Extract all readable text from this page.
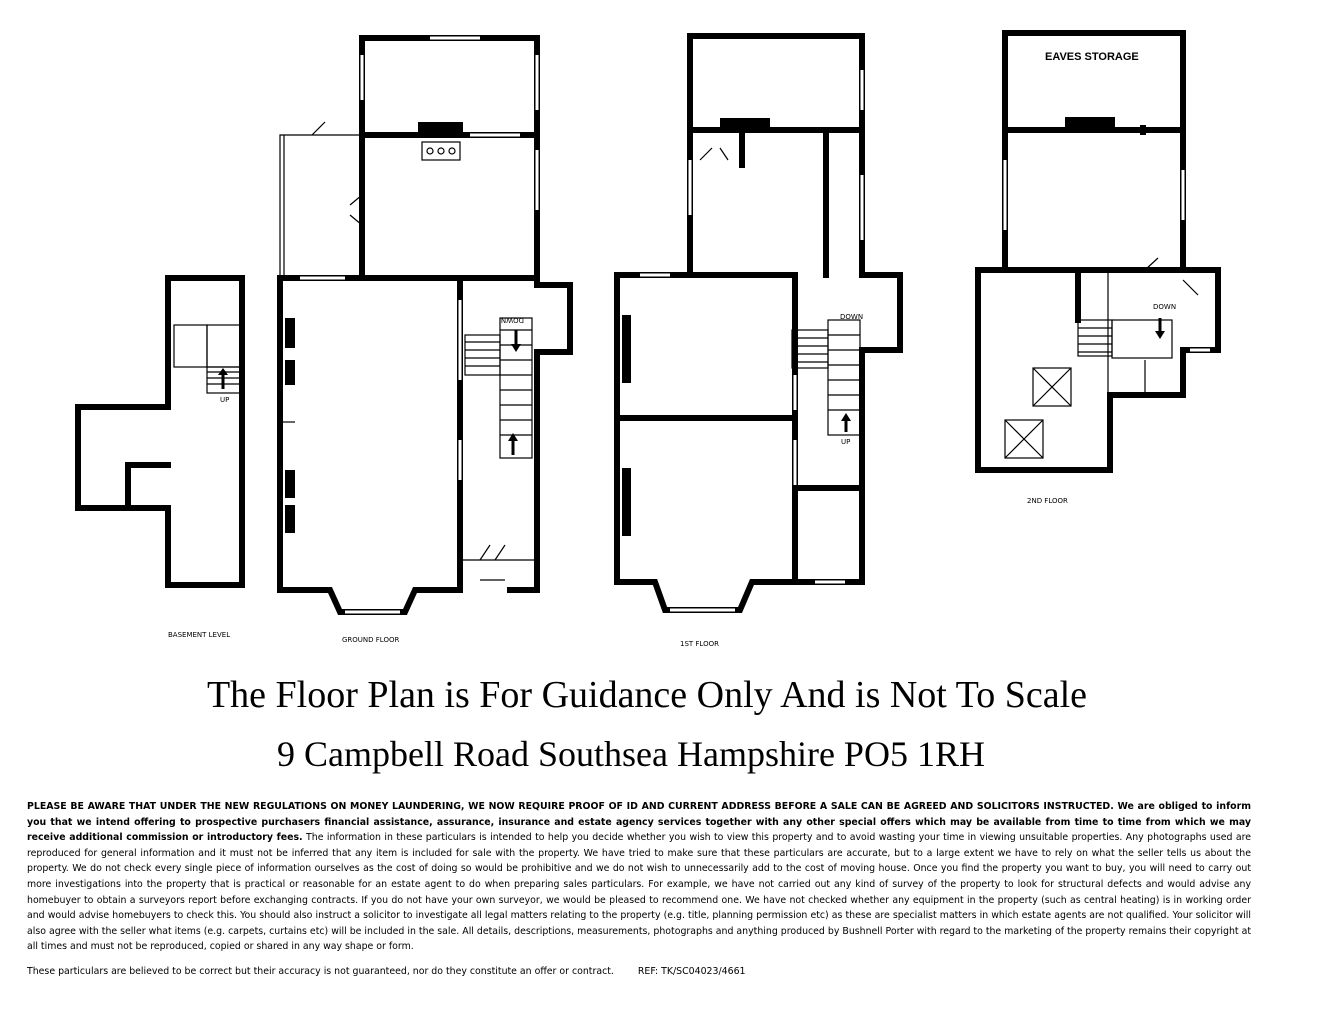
UP
BASEMENT LEVEL
DOWN
GROUND FLOOR
UP
DOWN
1ST FLOOR
EAVES STORAGE
DOWN
2ND FLOOR
The Floor Plan is For Guidance Only And is Not To Scale
9 Campbell Road Southsea Hampshire PO5 1RH
PLEASE BE AWARE THAT UNDER THE NEW REGULATIONS ON MONEY LAUNDERING, WE NOW REQUIRE PROOF OF ID AND CURRENT ADDRESS BEFORE A SALE CAN BE AGREED AND SOLICITORS INSTRUCTED. We are obliged to inform you that we intend offering to prospective purchasers financial assistance, assurance, insurance and estate agency services together with any other special offers which may be available from time to time from which we may receive additional commission or introductory fees. The information in these particulars is intended to help you decide whether you wish to view this property and to avoid wasting your time in viewing unsuitable properties. Any photographs used are reproduced for general information and it must not be inferred that any item is included for sale with the property. We have tried to make sure that these particulars are accurate, but to a large extent we have to rely on what the seller tells us about the property. We do not check every single piece of information ourselves as the cost of doing so would be prohibitive and we do not wish to unnecessarily add to the cost of moving house. Once you find the property you want to buy, you will need to carry out more investigations into the property that is practical or reasonable for an estate agent to do when preparing sales particulars. For example, we have not carried out any kind of survey of the property to look for structural defects and would advise any homebuyer to obtain a surveyors report before exchanging contracts. If you do not have your own surveyor, we would be pleased to recommend one. We have not checked whether any equipment in the property (such as central heating) is in working order and would advise homebuyers to check this. You should also instruct a solicitor to investigate all legal matters relating to the property (e.g. title, planning permission etc) as these are specialist matters in which estate agents are not qualified. Your solicitor will also agree with the seller what items (e.g. carpets, curtains etc) will be included in the sale. All details, descriptions, measurements, photographs and anything produced by Bushnell Porter with regard to the marketing of the property remains their copyright at all times and must not be reproduced, copied or shared in any way shape or form.
These particulars are believed to be correct but their accuracy is not guaranteed, nor do they constitute an offer or contract.	REF: TK/SC04023/4661
